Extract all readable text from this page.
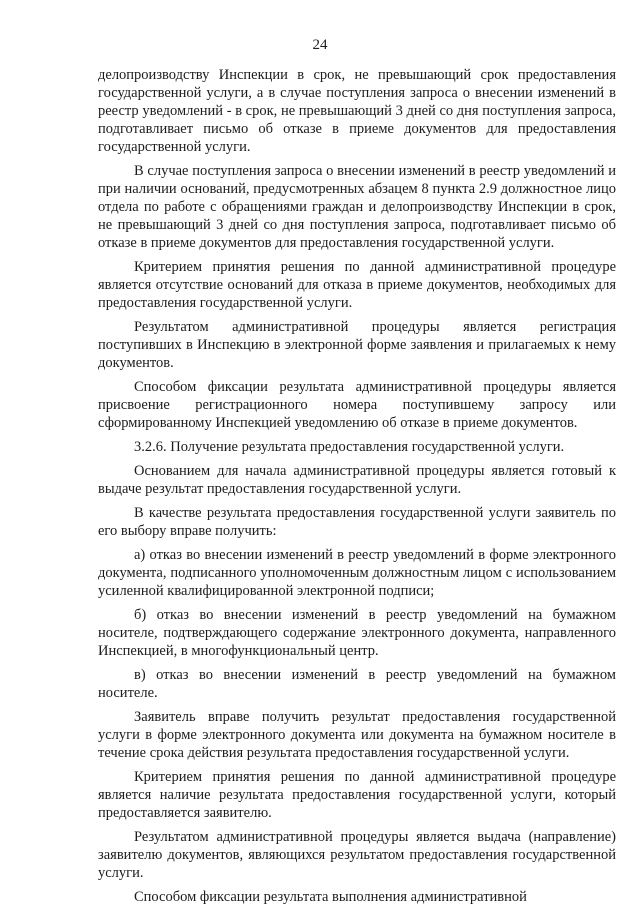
24

делопроизводству Инспекции в срок, не превышающий срок предоставления государственной услуги, а в случае поступления запроса о внесении изменений в реестр уведомлений - в срок, не превышающий 3 дней со дня поступления запроса, подготавливает письмо об отказе в приеме документов для предоставления государственной услуги.

В случае поступления запроса о внесении изменений в реестр уведомлений и при наличии оснований, предусмотренных абзацем 8 пункта 2.9 должностное лицо отдела по работе с обращениями граждан и делопроизводству Инспекции в срок, не превышающий 3 дней со дня поступления запроса, подготавливает письмо об отказе в приеме документов для предоставления государственной услуги.

Критерием принятия решения по данной административной процедуре является отсутствие оснований для отказа в приеме документов, необходимых для предоставления государственной услуги.

Результатом административной процедуры является регистрация поступивших в Инспекцию в электронной форме заявления и прилагаемых к нему документов.

Способом фиксации результата административной процедуры является присвоение регистрационного номера поступившему запросу или сформированному Инспекцией уведомлению об отказе в приеме документов.

3.2.6. Получение результата предоставления государственной услуги.

Основанием для начала административной процедуры является готовый к выдаче результат предоставления государственной услуги.

В качестве результата предоставления государственной услуги заявитель по его выбору вправе получить:

а) отказ во внесении изменений в реестр уведомлений в форме электронного документа, подписанного уполномоченным должностным лицом с использованием усиленной квалифицированной электронной подписи;

б) отказ во внесении изменений в реестр уведомлений на бумажном носителе, подтверждающего содержание электронного документа, направленного Инспекцией, в многофункциональный центр.

в) отказ во внесении изменений в реестр уведомлений на бумажном носителе.

Заявитель вправе получить результат предоставления государственной услуги в форме электронного документа или документа на бумажном носителе в течение срока действия результата предоставления государственной услуги.

Критерием принятия решения по данной административной процедуре является наличие результата предоставления государственной услуги, который предоставляется заявителю.

Результатом административной процедуры является выдача (направление) заявителю документов, являющихся результатом предоставления государственной услуги.

Способом фиксации результата выполнения административной
